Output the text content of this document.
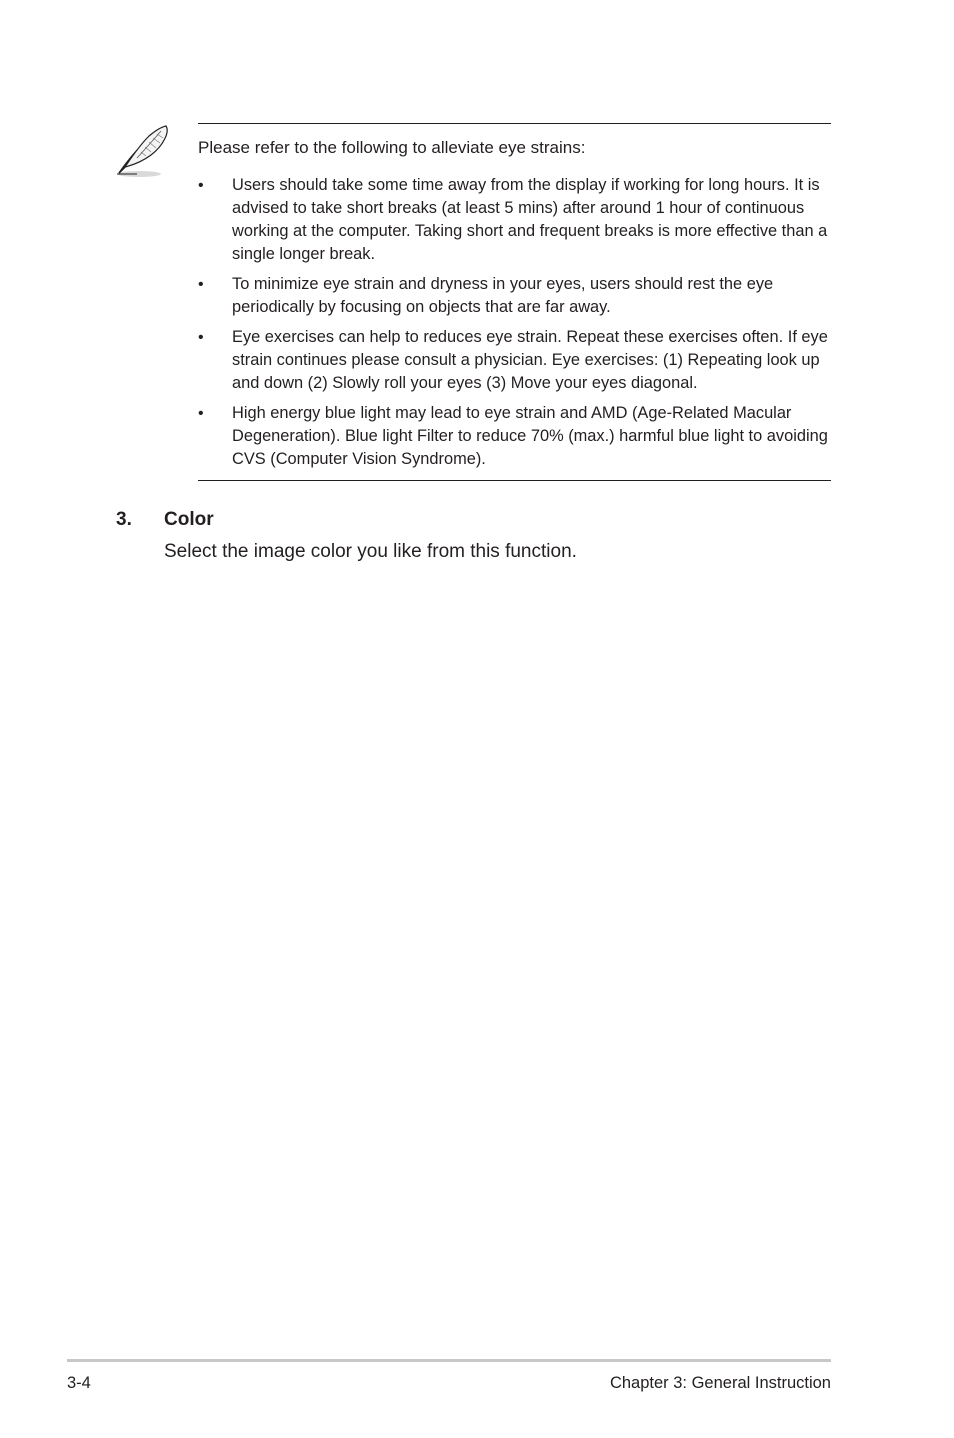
Please refer to the following to alleviate eye strains:
• Users should take some time away from the display if working for long hours. It is advised to take short breaks (at least 5 mins) after around 1 hour of continuous working at the computer. Taking short and frequent breaks is more effective than a single longer break.
• To minimize eye strain and dryness in your eyes, users should rest the eye periodically by focusing on objects that are far away.
• Eye exercises can help to reduces eye strain. Repeat these exercises often. If eye strain continues please consult a physician. Eye exercises: (1) Repeating look up and down (2) Slowly roll your eyes (3) Move your eyes diagonal.
• High energy blue light may lead to eye strain and AMD (Age-Related Macular Degeneration). Blue light Filter to reduce 70% (max.) harmful blue light to avoiding CVS (Computer Vision Syndrome).
3. Color
Select the image color you like from this function.
3-4	Chapter 3: General Instruction
